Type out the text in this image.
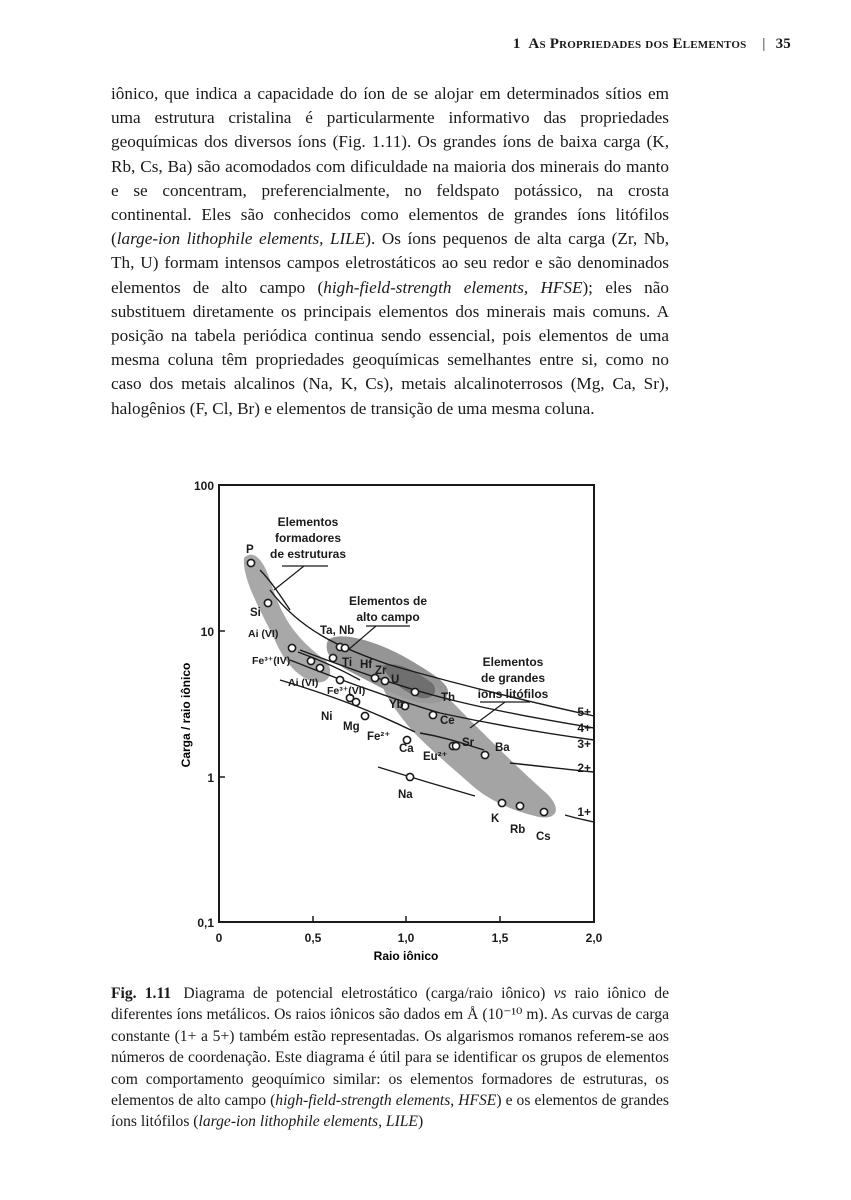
1 As Propriedades dos Elementos | 35

iônico, que indica a capacidade do íon de se alojar em determinados sítios em uma estrutura cristalina é particularmente informativo das propriedades geoquímicas dos diversos íons (Fig. 1.11). Os grandes íons de baixa carga (K, Rb, Cs, Ba) são acomodados com dificuldade na maioria dos minerais do manto e se concentram, preferencialmente, no feldspato potássico, na crosta continental. Eles são conhecidos como elementos de grandes íons litófilos (large-ion lithophile elements, LILE). Os íons pequenos de alta carga (Zr, Nb, Th, U) formam intensos campos eletrostáticos ao seu redor e são denominados elementos de alto campo (high-field-strength elements, HFSE); eles não substituem diretamente os principais elementos dos minerais mais comuns. A posição na tabela periódica continua sendo essencial, pois elementos de uma mesma coluna têm propriedades geoquímicas semelhantes entre si, como no caso dos metais alcalinos (Na, K, Cs), metais alcalinoterrosos (Mg, Ca, Sr), halogênios (F, Cl, Br) e elementos de transição de uma mesma coluna.

100
10
1
0,1
0	0,5	1,0	1,5	2,0
Raio iônico
Carga / raio iônico
Elementos
formadores
de estruturas
Elementos de
alto campo
Elementos
de grandes
íons litófilos
5+
4+
3+
2+
1+
P
Si
Ai (VI)
Fe³⁺(IV)
Ai (VI)
Ta, Nb
Ti Hf Zr
U
Th
Yb
Ce
Fe³⁺(VI)
Ni
Mg
Fe²⁺
Ca
Eu²⁺
Sr Ba
Na
K
Rb
Cs
Fig. 1.11 Diagrama de potencial eletrostático (carga/raio iônico) vs raio iônico de diferentes íons metálicos. Os raios iônicos são dados em Å (10⁻¹⁰ m). As curvas de carga constante (1+ a 5+) também estão representadas. Os algarismos romanos referem-se aos números de coordenação. Este diagrama é útil para se identificar os grupos de elementos com comportamento geoquímico similar: os elementos formadores de estruturas, os elementos de alto campo (high-field-strength elements, HFSE) e os elementos de grandes íons litófilos (large-ion lithophile elements, LILE)
